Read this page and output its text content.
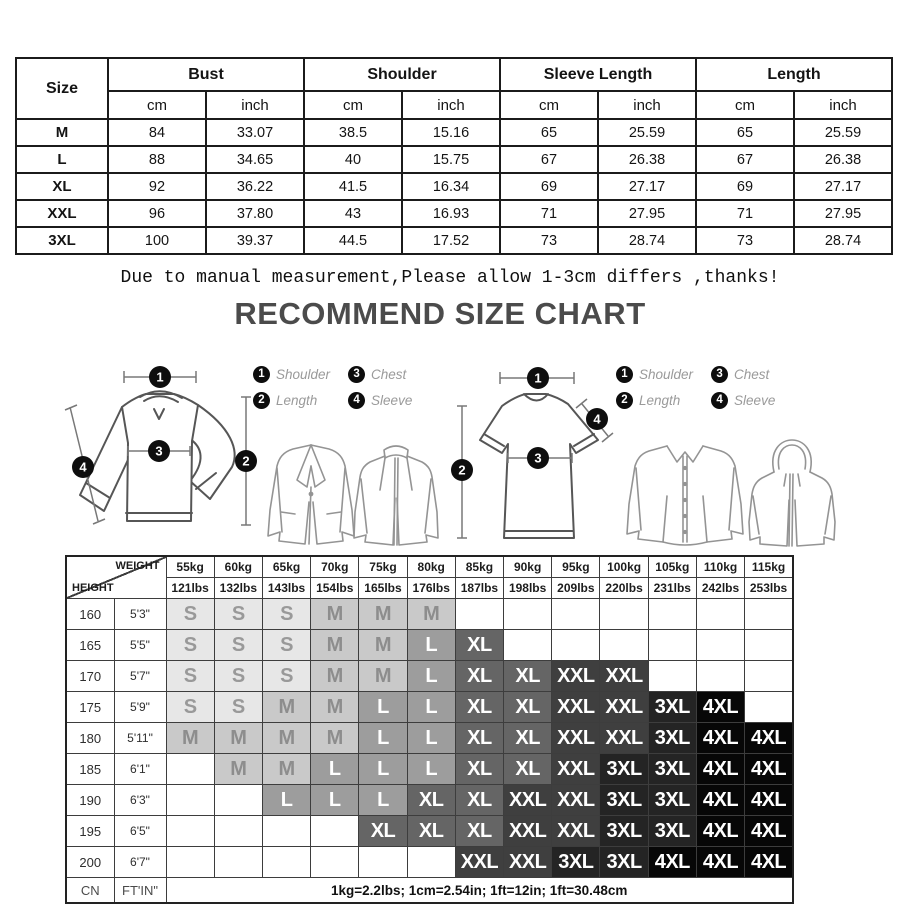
Size	Bust		Shoulder		Sleeve Length		Length	
	cm	inch	cm	inch	cm	inch	cm	inch
M	84	33.07	38.5	15.16	65	25.59	65	25.59
L	88	34.65	40	15.75	67	26.38	67	26.38
XL	92	36.22	41.5	16.34	69	27.17	69	27.17
XXL	96	37.80	43	16.93	71	27.95	71	27.95
3XL	100	39.37	44.5	17.52	73	28.74	73	28.74

Due to manual measurement,Please allow 1-3cm differs ,thanks!

RECOMMEND SIZE CHART
1
3
4	2
1 Shoulder	3 Chest
2 Length	4 Sleeve
1
4
3
2
1 Shoulder	3 Chest
2 Length	4 Sleeve
WEIGHT
HEIGHT		55kg	60kg	65kg	70kg	75kg	80kg	85kg	90kg	95kg	100kg	105kg	110kg	115kg
		121lbs	132lbs	143lbs	154lbs	165lbs	176lbs	187lbs	198lbs	209lbs	220lbs	231lbs	242lbs	253lbs
160	5'3"	S	S	S	M	M	M							
165	5'5"	S	S	S	M	M	L	XL						
170	5'7"	S	S	S	M	M	L	XL	XL	XXL	XXL			
175	5'9"	S	S	M	M	L	L	XL	XL	XXL	XXL	3XL	4XL	
180	5'11"	M	M	M	M	L	L	XL	XL	XXL	XXL	3XL	4XL	4XL
185	6'1"		M	M	L	L	L	XL	XL	XXL	3XL	3XL	4XL	4XL
190	6'3"			L	L	L	XL	XL	XXL	XXL	3XL	3XL	4XL	4XL
195	6'5"					XL	XL	XL	XXL	XXL	3XL	3XL	4XL	4XL
200	6'7"							XXL	XXL	3XL	3XL	4XL	4XL	4XL
CN	FT'IN"	1kg=2.2lbs; 1cm=2.54in; 1ft=12in; 1ft=30.48cm												
